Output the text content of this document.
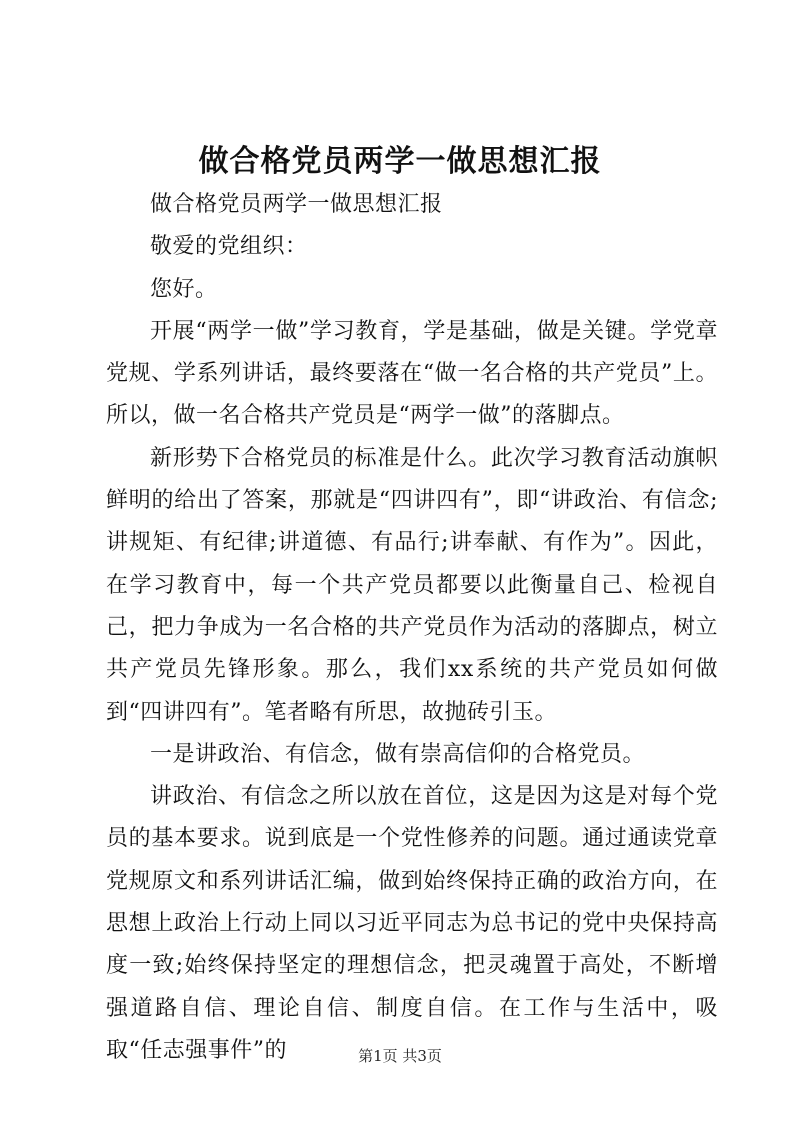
做合格党员两学一做思想汇报

做合格党员两学一做思想汇报

敬爱的党组织：

您好。

开展“两学一做”学习教育，学是基础，做是关键。学党章党规、学系列讲话，最终要落在“做一名合格的共产党员”上。所以，做一名合格共产党员是“两学一做”的落脚点。

新形势下合格党员的标准是什么。此次学习教育活动旗帜鲜明的给出了答案，那就是“四讲四有”，即“讲政治、有信念;讲规矩、有纪律;讲道德、有品行;讲奉献、有作为”。因此，在学习教育中，每一个共产党员都要以此衡量自己、检视自己，把力争成为一名合格的共产党员作为活动的落脚点，树立共产党员先锋形象。那么，我们xx系统的共产党员如何做到“四讲四有”。笔者略有所思，故抛砖引玉。

一是讲政治、有信念，做有崇高信仰的合格党员。

讲政治、有信念之所以放在首位，这是因为这是对每个党员的基本要求。说到底是一个党性修养的问题。通过通读党章党规原文和系列讲话汇编，做到始终保持正确的政治方向，在思想上政治上行动上同以习近平同志为总书记的党中央保持高度一致;始终保持坚定的理想信念，把灵魂置于高处，不断增强道路自信、理论自信、制度自信。在工作与生活中，吸取“任志强事件”的	第1页 共3页
